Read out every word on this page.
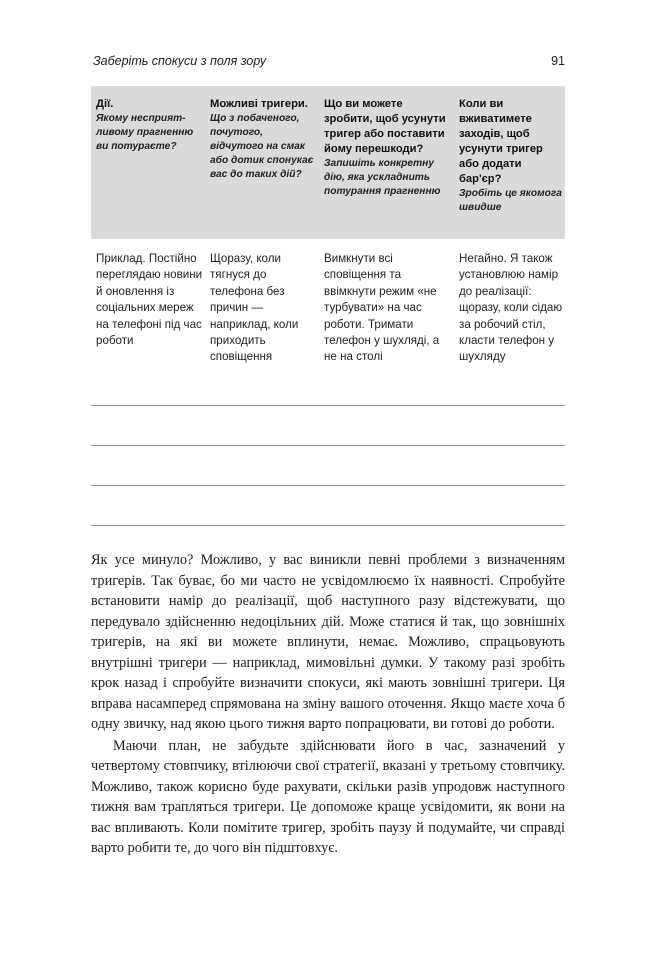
Заберіть спокуси з поля зору	91
Дії.
Якому несприят-ливому прагненню ви потураєте?
Можливі тригери.
Що з побаченого, почутого, відчутого на смак або дотик спонукає вас до таких дій?
Що ви можете зробити, щоб усунути тригер або поставити йому перешкоди?
Запишіть конкретну дію, яка ускладнить потурання прагненню
Коли ви вживатимете заходів, щоб усунути тригер або додати бар'єр?
Зробіть це якомога швидше
Приклад. Постійно переглядаю новини й оновлення із соціальних мереж на телефоні під час роботи
Щоразу, коли тягнуся до телефона без причин — наприклад, коли приходить сповіщення
Вимкнути всі сповіщення та ввімкнути режим «не турбувати» на час роботи. Тримати телефон у шухляді, а не на столі
Негайно. Я також установлюю намір до реалізації: щоразу, коли сідаю за робочий стіл, класти телефон у шухляду

Як усе минуло? Можливо, у вас виникли певні проблеми з визначенням тригерів. Так буває, бо ми часто не усвідомлюємо їх наявності. Спробуйте встановити намір до реалізації, щоб наступного разу відстежувати, що передувало здійсненню недоцільних дій. Може статися й так, що зовнішніх тригерів, на які ви можете вплинути, немає. Можливо, спрацьовують внутрішні тригери — наприклад, мимовільні думки. У такому разі зробіть крок назад і спробуйте визначити спокуси, які мають зовнішні тригери. Ця вправа насамперед спрямована на зміну вашого оточення. Якщо маєте хоча б одну звичку, над якою цього тижня варто попрацювати, ви готові до роботи.

Маючи план, не забудьте здійснювати його в час, зазначений у четвертому стовпчику, втілюючи свої стратегії, вказані у третьому стовпчику. Можливо, також корисно буде рахувати, скільки разів упродовж наступного тижня вам трапляться тригери. Це допоможе краще усвідомити, як вони на вас впливають. Коли помітите тригер, зробіть паузу й подумайте, чи справді варто робити те, до чого він підштовхує.
